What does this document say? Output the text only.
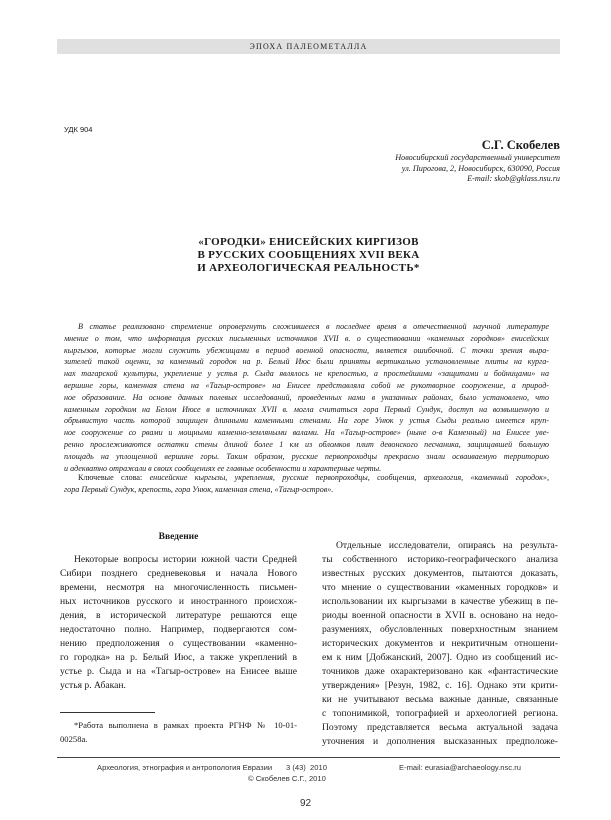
ЭПОХА ПАЛЕОМЕТАЛЛА
УДК 904
С.Г. Скобелев
Новосибирский государственный университет
ул. Пирогова, 2, Новосибирск, 630090, Россия
E-mail: skob@gklass.nsu.ru
«ГОРОДКИ» ЕНИСЕЙСКИХ КИРГИЗОВ
В РУССКИХ СООБЩЕНИЯХ XVII ВЕКА
И АРХЕОЛОГИЧЕСКАЯ РЕАЛЬНОСТЬ*
В статье реализовано стремление опровергнуть сложившееся в последнее время в отечественной научной литературе
мнение о том, что информация русских письменных источников XVII в. о существовании «каменных городков» енисейских
кыргызов, которые могли служить убежищами в период военной опасности, является ошибочной. С точки зрения выра-
зителей такой оценки, за каменный городок на р. Белый Июс были приняты вертикально установленные плиты на курга-
нах тагарской культуры, укрепление у устья р. Сыда являлось не крепостью, а простейшими «защитами и бойницами» на
вершине горы, каменная стена на «Тагыр-острове» на Енисее представляла собой не рукотворное сооружение, а природ-
ное образование. На основе данных полевых исследований, проведенных нами в указанных районах, было установлено, что
каменным городком на Белом Июсе в источниках XVII в. могла считаться гора Первый Сундук, доступ на возвышенную и
обрывистую часть которой защищен длинными каменными стенами. На горе Унюк у устья Сыды реально имеется круп-
ное сооружение со рвами и мощными каменно-земляными валами. На «Тагыр-острове» (ныне о-в Каменный) на Енисее уве-
ренно прослеживаются остатки стены длиной более 1 км из обломков плит девонского песчаника, защищавшей большую
площадь на уплощенной вершине горы. Таким образом, русские первопроходцы прекрасно знали осваиваемую территорию
и адекватно отражали в своих сообщениях ее главные особенности и характерные черты.
Ключевые слова: енисейские кыргызы, укрепления, русские первопроходцы, сообщения, археология, «каменный городок»,
гора Первый Сундук, крепость, гора Унюк, каменная стена, «Тагыр-остров».
Введение
Некоторые вопросы истории южной части Средней
Сибири позднего средневековья и начала Нового
времени, несмотря на многочисленность письмен-
ных источников русского и иностранного происхож-
дения, в исторической литературе решаются еще
недостаточно полно. Например, подвергаются сом-
нению предположения о существовании «каменно-
го городка» на р. Белый Июс, а также укреплений в
устье р. Сыда и на «Тагыр-острове» на Енисее выше
устья р. Абакан.
*Работа выполнена в рамках проекта РГНФ № 10-01-
00258а.
Отдельные исследователи, опираясь на результа-
ты собственного историко-географического анализа
известных русских документов, пытаются доказать,
что мнение о существовании «каменных городков» и
использовании их кыргызами в качестве убежищ в пе-
риоды военной опасности в XVII в. основано на недо-
разумениях, обусловленных поверхностным знанием
исторических документов и некритичным отношени-
ем к ним [Добжанский, 2007]. Одно из сообщений ис-
точников даже охарактеризовано как «фантастические
утверждения» [Резун, 1982, с. 16]. Однако эти крити-
ки не учитывают весьма важные данные, связанные
с топонимикой, топографией и археологией региона.
Поэтому представляется весьма актуальной задача
уточнения и дополнения высказанных предположе-
Археология, этнография и антропология Евразии 3 (43)  2010	E-mail: eurasia@archaeology.nsc.ru
© Скобелев С.Г., 2010
92
